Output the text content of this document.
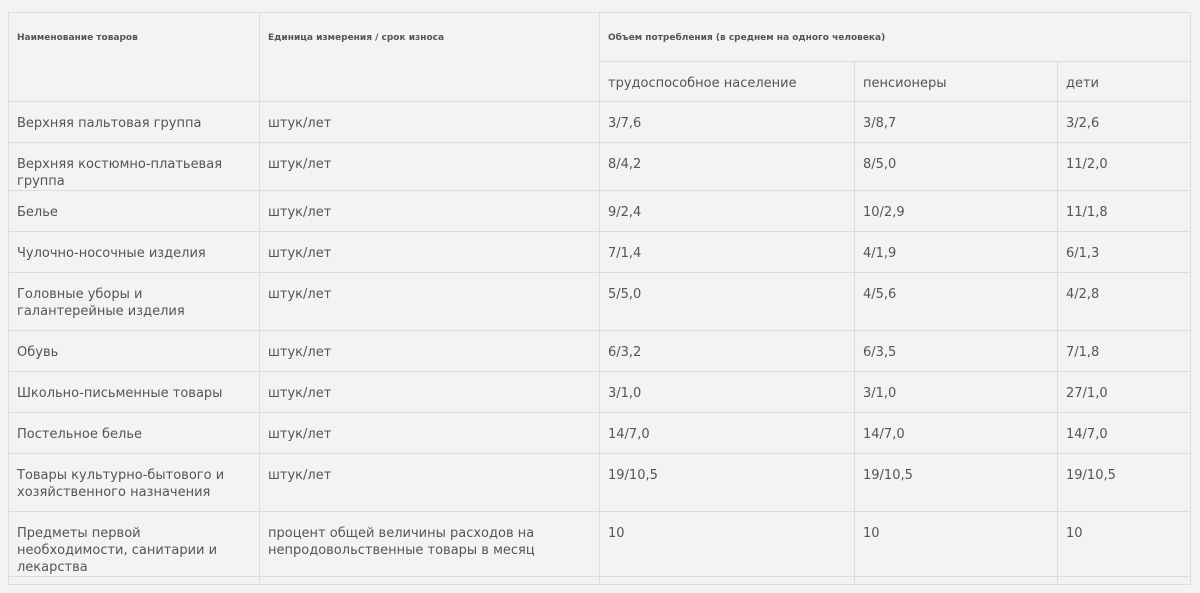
Наименование товаров	Единица измерения / срок износа	Объем потребления (в среднем на одного человека)		
		трудоспособное население	пенсионеры	дети
Верхняя пальтовая группа	штук/лет	3/7,6	3/8,7	3/2,6
Верхняя костюмно-платьевая группа	штук/лет	8/4,2	8/5,0	11/2,0
Белье	штук/лет	9/2,4	10/2,9	11/1,8
Чулочно-носочные изделия	штук/лет	7/1,4	4/1,9	6/1,3
Головные уборы и галантерейные изделия	штук/лет	5/5,0	4/5,6	4/2,8
Обувь	штук/лет	6/3,2	6/3,5	7/1,8
Школьно-письменные товары	штук/лет	3/1,0	3/1,0	27/1,0
Постельное белье	штук/лет	14/7,0	14/7,0	14/7,0
Товары культурно-бытового и хозяйственного назначения	штук/лет	19/10,5	19/10,5	19/10,5
Предметы первой необходимости, санитарии и лекарства	процент общей величины расходов на непродовольственные товары в месяц	10	10	10
